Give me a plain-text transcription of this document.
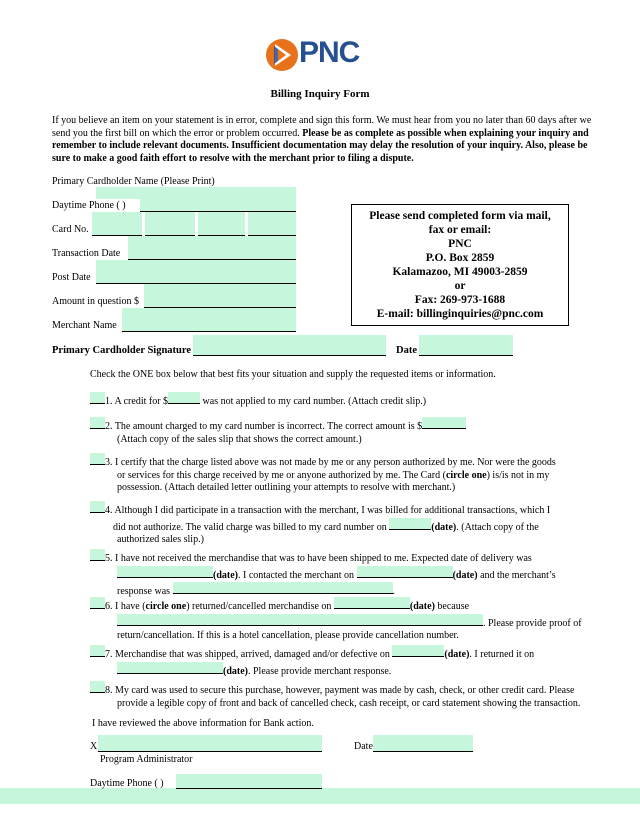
PNC
Billing Inquiry Form
If you believe an item on your statement is in error, complete and sign this form. We must hear from you no later than 60 days after we send you the first bill on which the error or problem occurred. Please be as complete as possible when explaining your inquiry and remember to include relevant documents. Insufficient documentation may delay the resolution of your inquiry. Also, please be sure to make a good faith effort to resolve with the merchant prior to filing a dispute.
Primary Cardholder Name (Please Print)
Daytime Phone ( )
Card No.
Transaction Date
Post Date
Amount in question $
Merchant Name
Please send completed form via mail,
fax or email:
PNC
P.O. Box 2859
Kalamazoo, MI 49003-2859
or
Fax: 269-973-1688
E-mail: billinginquiries@pnc.com
Primary Cardholder Signature	Date
Check the ONE box below that best fits your situation and supply the requested items or information.
1. A credit for $	was not applied to my card number. (Attach credit slip.)
2. The amount charged to my card number is incorrect. The correct amount is $
(Attach copy of the sales slip that shows the correct amount.)
3. I certify that the charge listed above was not made by me or any person authorized by me. Nor were the goods
or services for this charge received by me or anyone authorized by me. The Card (circle one) is/is not in my
possession. (Attach detailed letter outlining your attempts to resolve with merchant.)
4. Although I did participate in a transaction with the merchant, I was billed for additional transactions, which I
did not authorize. The valid charge was billed to my card number on	(date). (Attach copy of the
authorized sales slip.)
5. I have not received the merchandise that was to have been shipped to me. Expected date of delivery was
(date). I contacted the merchant on	(date) and the merchant’s
response was	.
6. I have (circle one) returned/cancelled merchandise on	(date) because
. Please provide proof of
return/cancellation. If this is a hotel cancellation, please provide cancellation number.
7. Merchandise that was shipped, arrived, damaged and/or defective on	(date). I returned it on
(date). Please provide merchant response.
8. My card was used to secure this purchase, however, payment was made by cash, check, or other credit card. Please
provide a legible copy of front and back of cancelled check, cash receipt, or card statement showing the transaction.
I have reviewed the above information for Bank action.
X	Date
Program Administrator
Daytime Phone ( )
